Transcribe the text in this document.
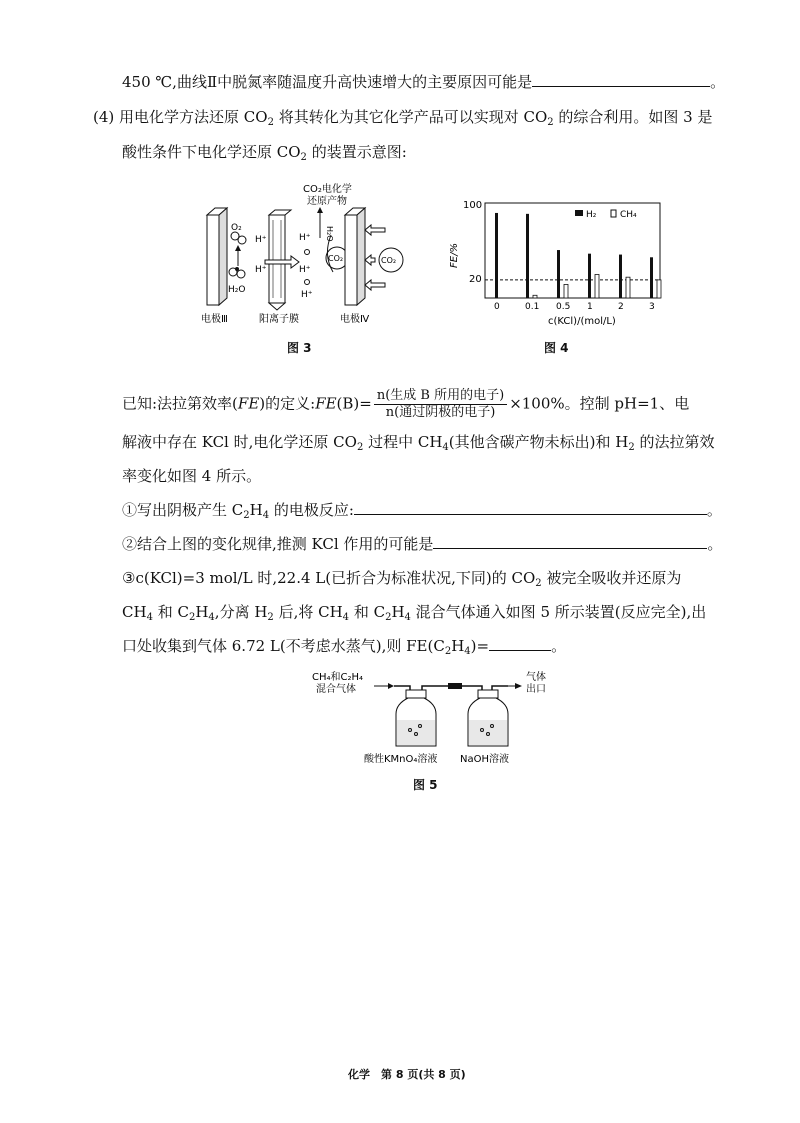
450 ℃,曲线Ⅱ中脱氮率随温度升高快速增大的主要原因可能是	。
(4) 用电化学方法还原 $CO_2$ 将其转化为其它化学产品可以实现对 $CO_2$ 的综合利用。如图 3 是
酸性条件下电化学还原 $CO_2$ 的装置示意图:
O₂
H₂O
H⁺
H⁺
H⁺
H⁺
H⁺
CO₂电化学
还原产物
H₂O
CO₂	CO₂
电极Ⅲ	阳离子膜	电极Ⅳ
图 3
100
20
FE/%
c(KCl)/(mol/L)
0	0.1 0.5 1	2	3
H₂	CH₄
图 4
已知:法拉第效率(FE)的定义:FE(B)= $\frac{\text{n(生成 B 所用的电子)}}{\text{n(通过阴极的电子)}} \times 100\%$。控制 pH=1、电
解液中存在 KCl 时,电化学还原 $CO_2$ 过程中 $CH_4$(其他含碳产物未标出)和 $H_2$ 的法拉第效
率变化如图 4 所示。
①写出阴极产生 $C_2H_4$ 的电极反应:	。
②结合上图的变化规律,推测 KCl 作用的可能是	。
③c(KCl)=3 mol/L 时,22.4 L(已折合为标准状况,下同)的 $CO_2$ 被完全吸收并还原为
$CH_4$ 和 $C_2H_4$,分离 $H_2$ 后,将 $CH_4$ 和 $C_2H_4$ 混合气体通入如图 5 所示装置(反应完全),出
口处收集到气体 6.72 L(不考虑水蒸气),则 $FE(C_2H_4)=$	。
CH₄和C₂H₄
混合气体
气体
出口
酸性KMnO₄溶液 NaOH溶液
图 5
化学　第 8 页(共 8 页)
